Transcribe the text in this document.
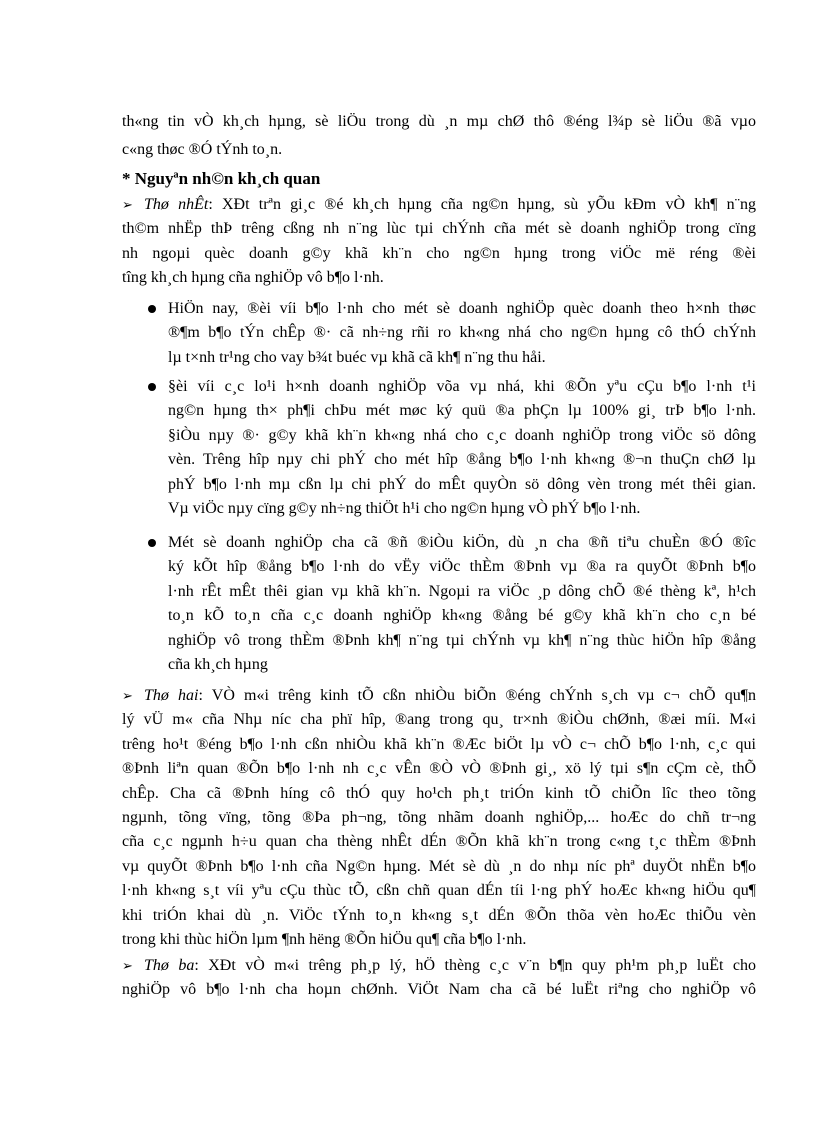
th«ng tin vÒ kh¸ch hµng, sè liÖu trong dù ¸n mµ chØ thô ®éng l¾p sè liÖu ®ã vµo
c«ng thøc ®Ó tÝnh to¸n.
* Nguyªn nh©n kh¸ch quan
➢ Thø nhÊt: XÐt trªn gi¸c ®é kh¸ch hµng cña ng©n hµng, sù yÕu kÐm vÒ kh¶ n¨ng
th©m nhËp thÞ trêng cßng nh n¨ng lùc tµi chÝnh cña mét sè doanh nghiÖp trong cïng
nh ngoµi quèc doanh g©y khã kh¨n cho ng©n hµng trong viÖc më réng ®èi
tîng kh¸ch hµng cña nghiÖp vô b¶o l·nh.
HiÖn nay, ®èi víi b¶o l·nh cho mét sè doanh nghiÖp quèc doanh theo h×nh thøc
®¶m b¶o tÝn chÊp ®· cã nh÷ng rñi ro kh«ng nhá cho ng©n hµng cô thÓ chÝnh
lµ t×nh tr¹ng cho vay b¾t buéc vµ khã cã kh¶ n¨ng thu håi.
§èi víi c¸c lo¹i h×nh doanh nghiÖp võa vµ nhá, khi ®Õn yªu cÇu b¶o l·nh t¹i
ng©n hµng th× ph¶i chÞu mét møc ký quü ®a phÇn lµ 100% gi¸ trÞ b¶o l·nh.
§iÒu nµy ®· g©y khã kh¨n kh«ng nhá cho c¸c doanh nghiÖp trong viÖc sö dông
vèn. Trêng hîp nµy chi phÝ cho mét hîp ®ång b¶o l·nh kh«ng ®¬n thuÇn chØ lµ
phÝ b¶o l·nh mµ cßn lµ chi phÝ do mÊt quyÒn sö dông vèn trong mét thêi gian.
Vµ viÖc nµy cïng g©y nh÷ng thiÖt h¹i cho ng©n hµng vÒ phÝ b¶o l·nh.
Mét sè doanh nghiÖp cha cã ®ñ ®iÒu kiÖn, dù ¸n cha ®ñ tiªu chuÈn ®Ó ®îc
ký kÕt hîp ®ång b¶o l·nh do vËy viÖc thÈm ®Þnh vµ ®a ra quyÕt ®Þnh b¶o
l·nh rÊt mÊt thêi gian vµ khã kh¨n. Ngoµi ra viÖc ¸p dông chÕ ®é thèng kª, h¹ch
to¸n kÕ to¸n cña c¸c doanh nghiÖp kh«ng ®ång bé g©y khã kh¨n cho c¸n bé
nghiÖp vô trong thÈm ®Þnh kh¶ n¨ng tµi chÝnh vµ kh¶ n¨ng thùc hiÖn hîp ®ång
cña kh¸ch hµng
➢ Thø hai: VÒ m«i trêng kinh tÕ cßn nhiÒu biÕn ®éng chÝnh s¸ch vµ c¬ chÕ qu¶n
lý vÜ m« cña Nhµ níc cha phï hîp, ®ang trong qu¸ tr×nh ®iÒu chØnh, ®æi míi. M«i
trêng ho¹t ®éng b¶o l·nh cßn nhiÒu khã kh¨n ®Æc biÖt lµ vÒ c¬ chÕ b¶o l·nh, c¸c qui
®Þnh liªn quan ®Õn b¶o l·nh nh c¸c vÊn ®Ò vÒ ®Þnh gi¸, xö lý tµi s¶n cÇm cè, thÕ
chÊp. Cha cã ®Þnh híng cô thÓ quy ho¹ch ph¸t triÓn kinh tÕ chiÕn lîc theo tõng
ngµnh, tõng vïng, tõng ®Þa ph¬ng, tõng nhãm doanh nghiÖp,... hoÆc do chñ tr¬ng
cña c¸c ngµnh h÷u quan cha thèng nhÊt dÉn ®Õn khã kh¨n trong c«ng t¸c thÈm ®Þnh
vµ quyÕt ®Þnh b¶o l·nh cña Ng©n hµng. Mét sè dù ¸n do nhµ níc phª duyÖt nhËn b¶o
l·nh kh«ng s¸t víi yªu cÇu thùc tÕ, cßn chñ quan dÉn tíi l·ng phÝ hoÆc kh«ng hiÖu qu¶
khi triÓn khai dù ¸n. ViÖc tÝnh to¸n kh«ng s¸t dÉn ®Õn thõa vèn hoÆc thiÕu vèn
trong khi thùc hiÖn lµm ¶nh hëng ®Õn hiÖu qu¶ cña b¶o l·nh.
➢ Thø ba: XÐt vÒ m«i trêng ph¸p lý, hÖ thèng c¸c v¨n b¶n quy ph¹m ph¸p luËt cho
nghiÖp vô b¶o l·nh cha hoµn chØnh. ViÖt Nam cha cã bé luËt riªng cho nghiÖp vô
